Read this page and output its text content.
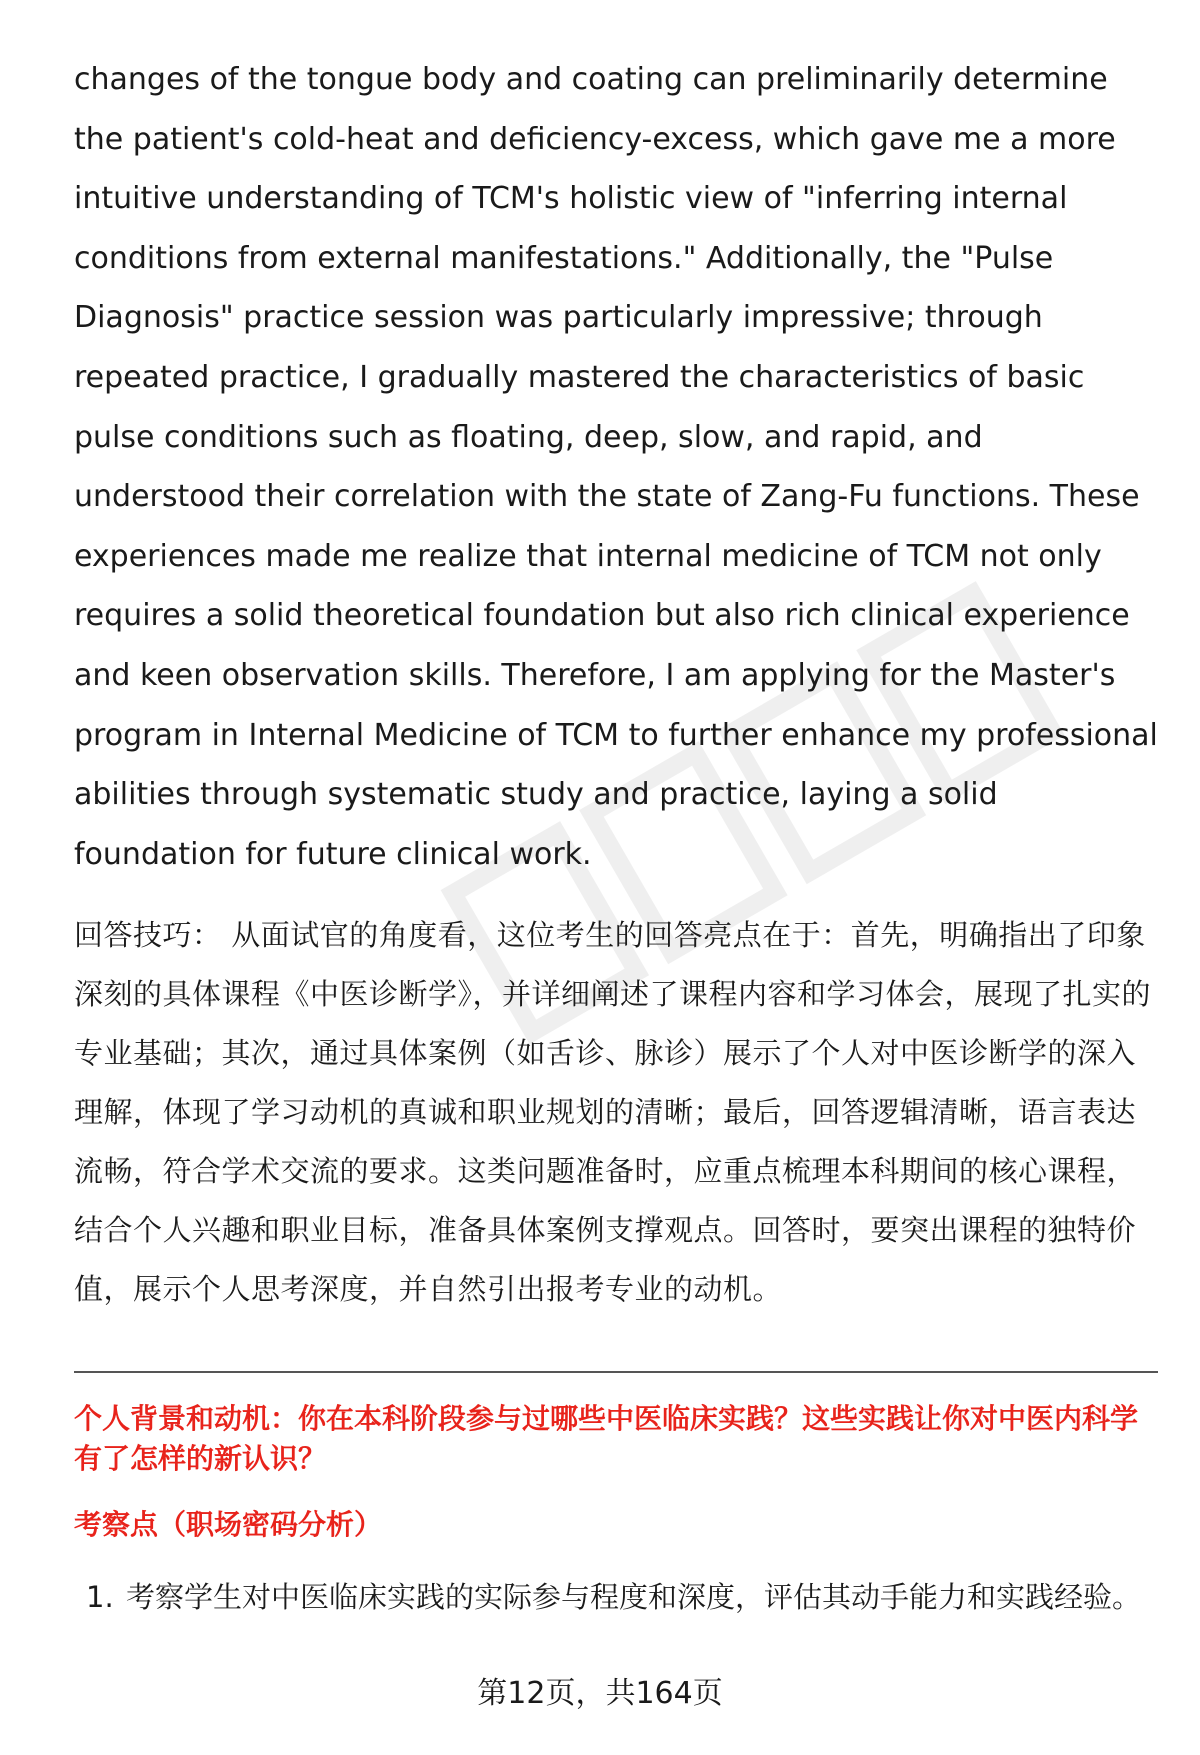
changes of the tongue body and coating can preliminarily determine the patient's cold-heat and deficiency-excess, which gave me a more intuitive understanding of TCM's holistic view of "inferring internal conditions from external manifestations." Additionally, the "Pulse Diagnosis" practice session was particularly impressive; through repeated practice, I gradually mastered the characteristics of basic pulse conditions such as floating, deep, slow, and rapid, and understood their correlation with the state of Zang-Fu functions. These experiences made me realize that internal medicine of TCM not only requires a solid theoretical foundation but also rich clinical experience and keen observation skills. Therefore, I am applying for the Master's program in Internal Medicine of TCM to further enhance my professional abilities through systematic study and practice, laying a solid foundation for future clinical work.

回答技巧： 从面试官的角度看，这位考生的回答亮点在于：首先，明确指出了印象深刻的具体课程《中医诊断学》，并详细阐述了课程内容和学习体会，展现了扎实的专业基础；其次，通过具体案例（如舌诊、脉诊）展示了个人对中医诊断学的深入理解，体现了学习动机的真诚和职业规划的清晰；最后，回答逻辑清晰，语言表达流畅，符合学术交流的要求。这类问题准备时，应重点梳理本科期间的核心课程，结合个人兴趣和职业目标，准备具体案例支撑观点。回答时，要突出课程的独特价值，展示个人思考深度，并自然引出报考专业的动机。

个人背景和动机：你在本科阶段参与过哪些中医临床实践？这些实践让你对中医内科学有了怎样的新认识？
考察点（职场密码分析）
1. 考察学生对中医临床实践的实际参与程度和深度，评估其动手能力和实践经验。
第12页，共164页
